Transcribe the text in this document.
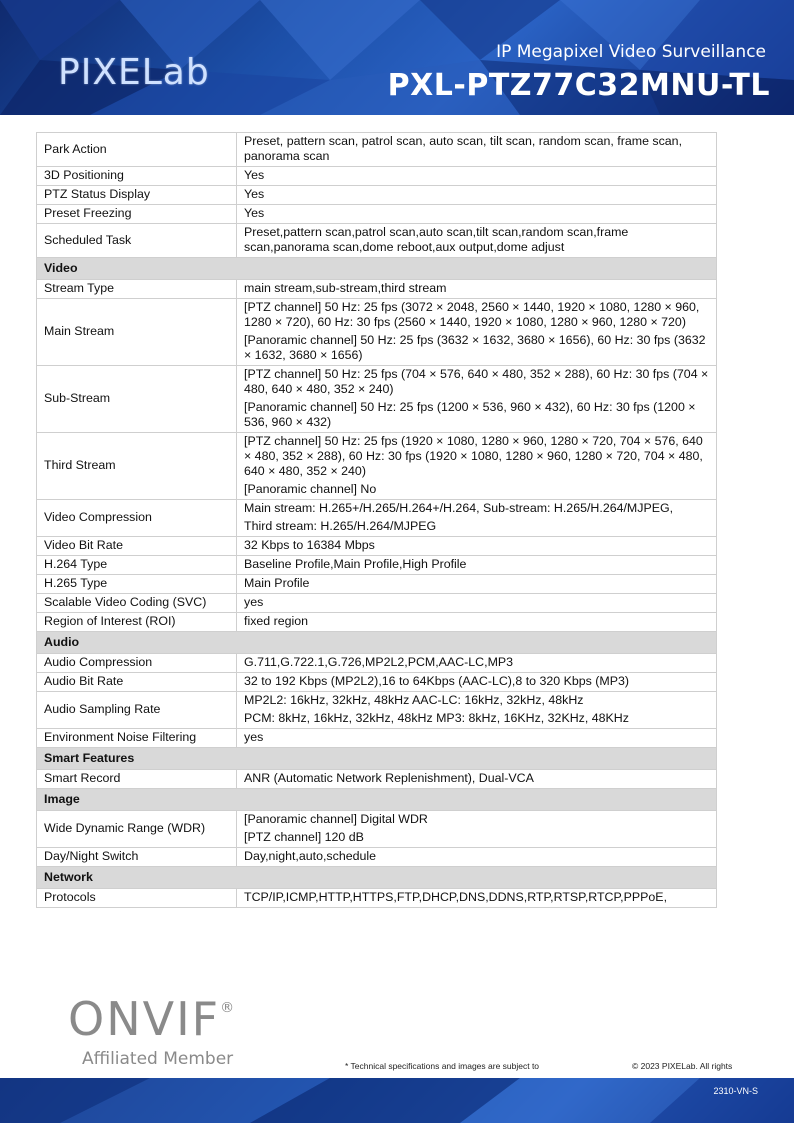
PIXELab	IP Megapixel Video Surveillance
PXL-PTZ77C32MNU-TL
Park Action	Preset, pattern scan, patrol scan, auto scan, tilt scan, random scan, frame scan, panorama scan

3D Positioning	Yes

PTZ Status Display	Yes

Preset Freezing	Yes

Scheduled Task	Preset,pattern scan,patrol scan,auto scan,tilt scan,random scan,frame scan,panorama scan,dome reboot,aux output,dome adjust

Video	
Stream Type	main stream,sub-stream,third stream

Main Stream	[PTZ channel] 50 Hz: 25 fps (3072 × 2048, 2560 × 1440, 1920 × 1080, 1280 × 960, 1280 × 720), 60 Hz: 30 fps (2560 × 1440, 1920 × 1080, 1280 × 960, 1280 × 720)

[Panoramic channel] 50 Hz: 25 fps (3632 × 1632, 3680 × 1656), 60 Hz: 30 fps (3632 × 1632, 3680 × 1656)

Sub-Stream	[PTZ channel] 50 Hz: 25 fps (704 × 576, 640 × 480, 352 × 288), 60 Hz: 30 fps (704 × 480, 640 × 480, 352 × 240)

[Panoramic channel] 50 Hz: 25 fps (1200 × 536, 960 × 432), 60 Hz: 30 fps (1200 × 536, 960 × 432)

Third Stream	[PTZ channel] 50 Hz: 25 fps (1920 × 1080, 1280 × 960, 1280 × 720, 704 × 576, 640 × 480, 352 × 288), 60 Hz: 30 fps (1920 × 1080, 1280 × 960, 1280 × 720, 704 × 480, 640 × 480, 352 × 240)

[Panoramic channel] No

Video Compression	Main stream: H.265+/H.265/H.264+/H.264, Sub-stream: H.265/H.264/MJPEG,

Third stream: H.265/H.264/MJPEG

Video Bit Rate	32 Kbps to 16384 Mbps

H.264 Type	Baseline Profile,Main Profile,High Profile

H.265 Type	Main Profile

Scalable Video Coding (SVC)	yes

Region of Interest (ROI)	fixed region

Audio	
Audio Compression	G.711,G.722.1,G.726,MP2L2,PCM,AAC-LC,MP3

Audio Bit Rate	32 to 192 Kbps (MP2L2),16 to 64Kbps (AAC-LC),8 to 320 Kbps (MP3)

Audio Sampling Rate	MP2L2: 16kHz, 32kHz, 48kHz AAC-LC: 16kHz, 32kHz, 48kHz

PCM: 8kHz, 16kHz, 32kHz, 48kHz MP3: 8kHz, 16KHz, 32KHz, 48KHz

Environment Noise Filtering	yes

Smart Features	
Smart Record	ANR (Automatic Network Replenishment), Dual-VCA

Image	
Wide Dynamic Range (WDR)	[Panoramic channel] Digital WDR

[PTZ channel] 120 dB

Day/Night Switch	Day,night,auto,schedule

Network	
Protocols	TCP/IP,ICMP,HTTP,HTTPS,FTP,DHCP,DNS,DDNS,RTP,RTSP,RTCP,PPPoE,

ONVIF®
Affiliated Member	* Technical specifications and images are subject to	© 2023 PIXELab. All rights
2310-VN-S
